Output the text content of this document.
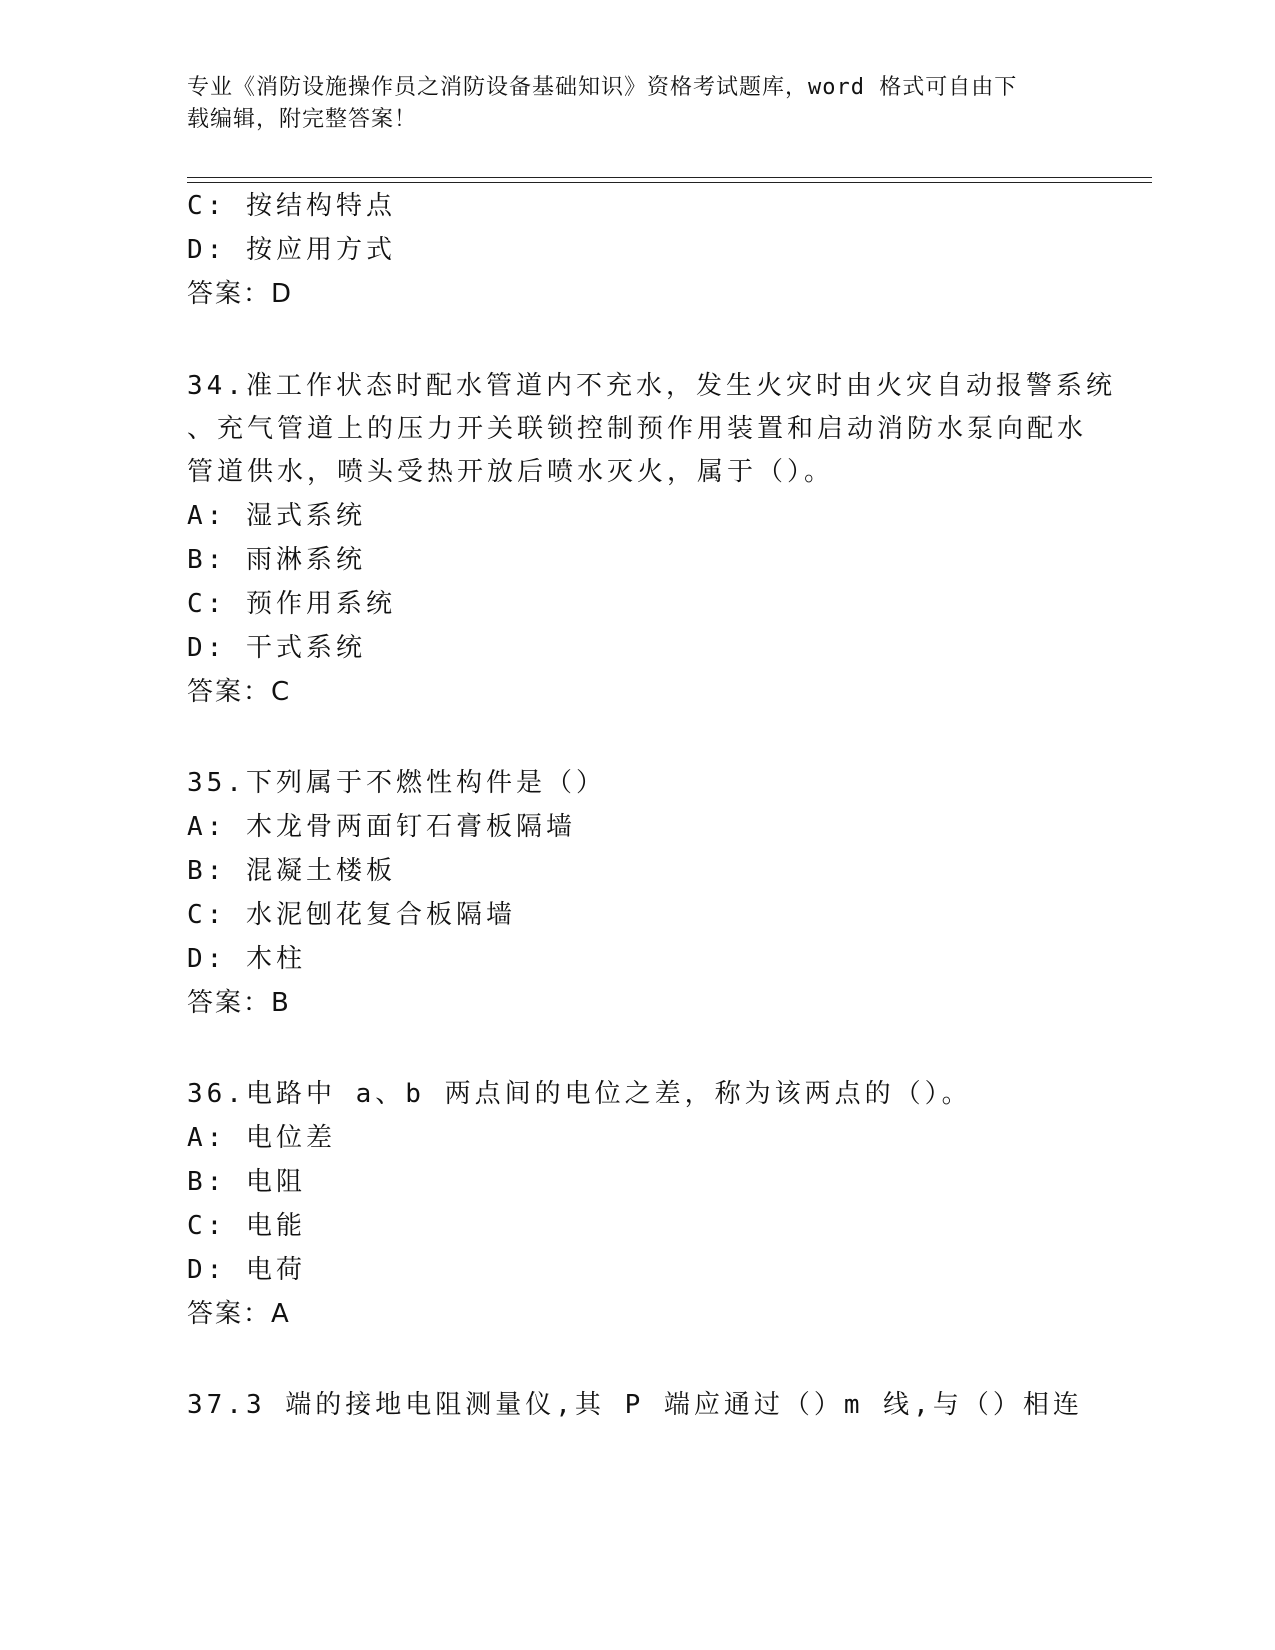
专业《消防设施操作员之消防设备基础知识》资格考试题库，word 格式可自由下
载编辑，附完整答案！
C: 按结构特点
D: 按应用方式
答案：D
34.准工作状态时配水管道内不充水，发生火灾时由火灾自动报警系统
、充气管道上的压力开关联锁控制预作用装置和启动消防水泵向配水
管道供水，喷头受热开放后喷水灭火，属于（）。
A: 湿式系统
B: 雨淋系统
C: 预作用系统
D: 干式系统
答案：C
35.下列属于不燃性构件是（）
A: 木龙骨两面钉石膏板隔墙
B: 混凝土楼板
C: 水泥刨花复合板隔墙
D: 木柱
答案：B
36.电路中 a、b 两点间的电位之差，称为该两点的（）。
A: 电位差
B: 电阻
C: 电能
D: 电荷
答案：A
37.3 端的接地电阻测量仪,其 P 端应通过（）m 线,与（）相连
